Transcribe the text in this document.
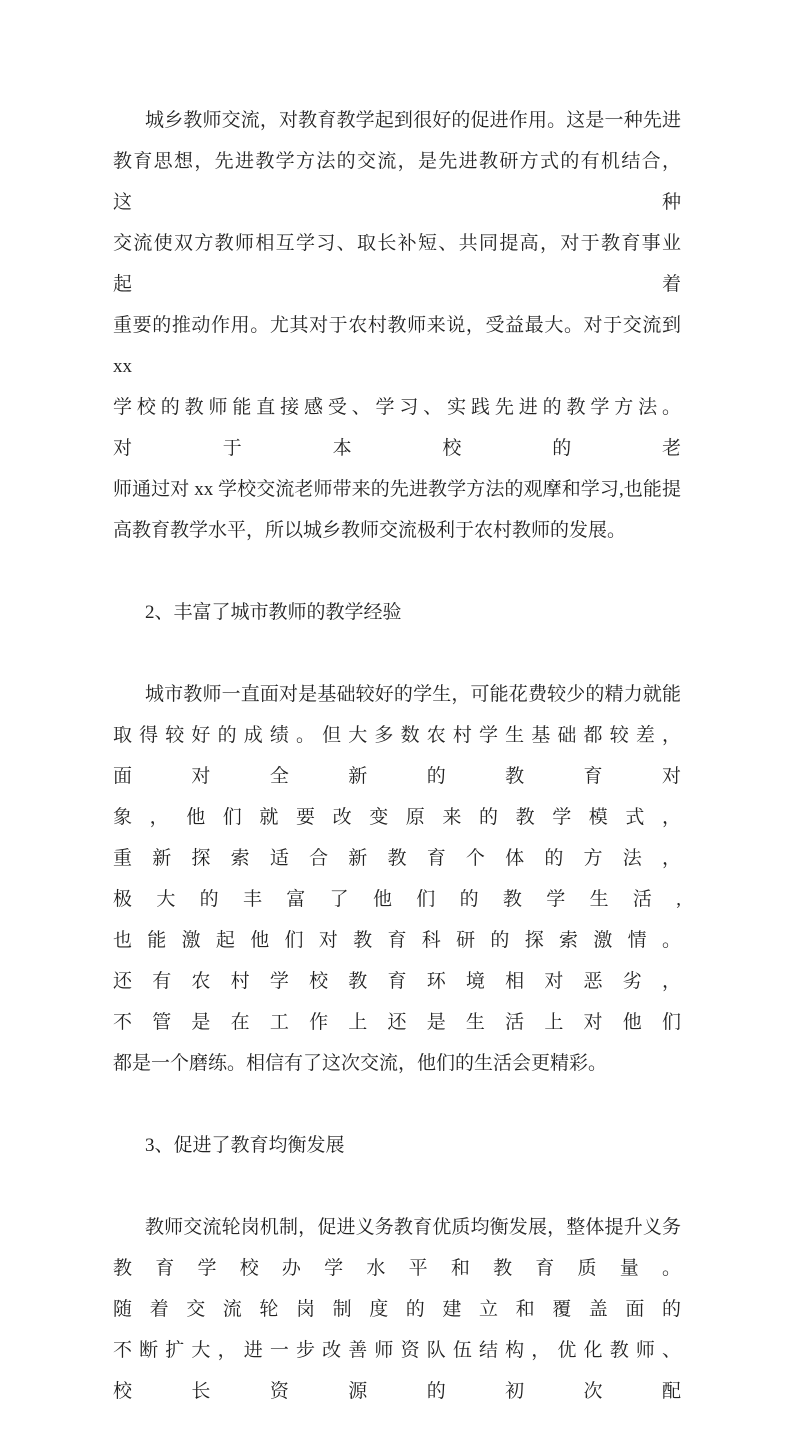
城乡教师交流，对教育教学起到很好的促进作用。这是一种先进
教育思想，先进教学方法的交流，是先进教研方式的有机结合， 这种
交流使双方教师相互学习、取长补短、共同提高，对于教育事业 起着
重要的推动作用。尤其对于农村教师来说，受益最大。对于交流到 xx
学校的教师能直接感受、学习、实践先进的教学方法。对于本校的老
师通过对 xx 学校交流老师带来的先进教学方法的观摩和学习,也能提
高教育教学水平，所以城乡教师交流极利于农村教师的发展。
2、丰富了城市教师的教学经验
城市教师一直面对是基础较好的学生，可能花费较少的精力就能
取得较好的成绩。但大多数农村学生基础都较差，面对全新的教育对
象，他们就要改变原来的教学模式，重新探索适合新教育个体的方法，
极大的丰富了他们的教学生活,也能激起他们对教育科研的探索激情。
还有农村学校教育环境相对恶劣，不管是在工作上还是生活上对他们
都是一个磨练。相信有了这次交流，他们的生活会更精彩。
3、促进了教育均衡发展
教师交流轮岗机制，促进义务教育优质均衡发展，整体提升义务
教育学校办学水平和教育质量。随着交流轮岗制度的建立和覆盖面的
不断扩大，进一步改善师资队伍结构，优化教师、校长资源的初次配
